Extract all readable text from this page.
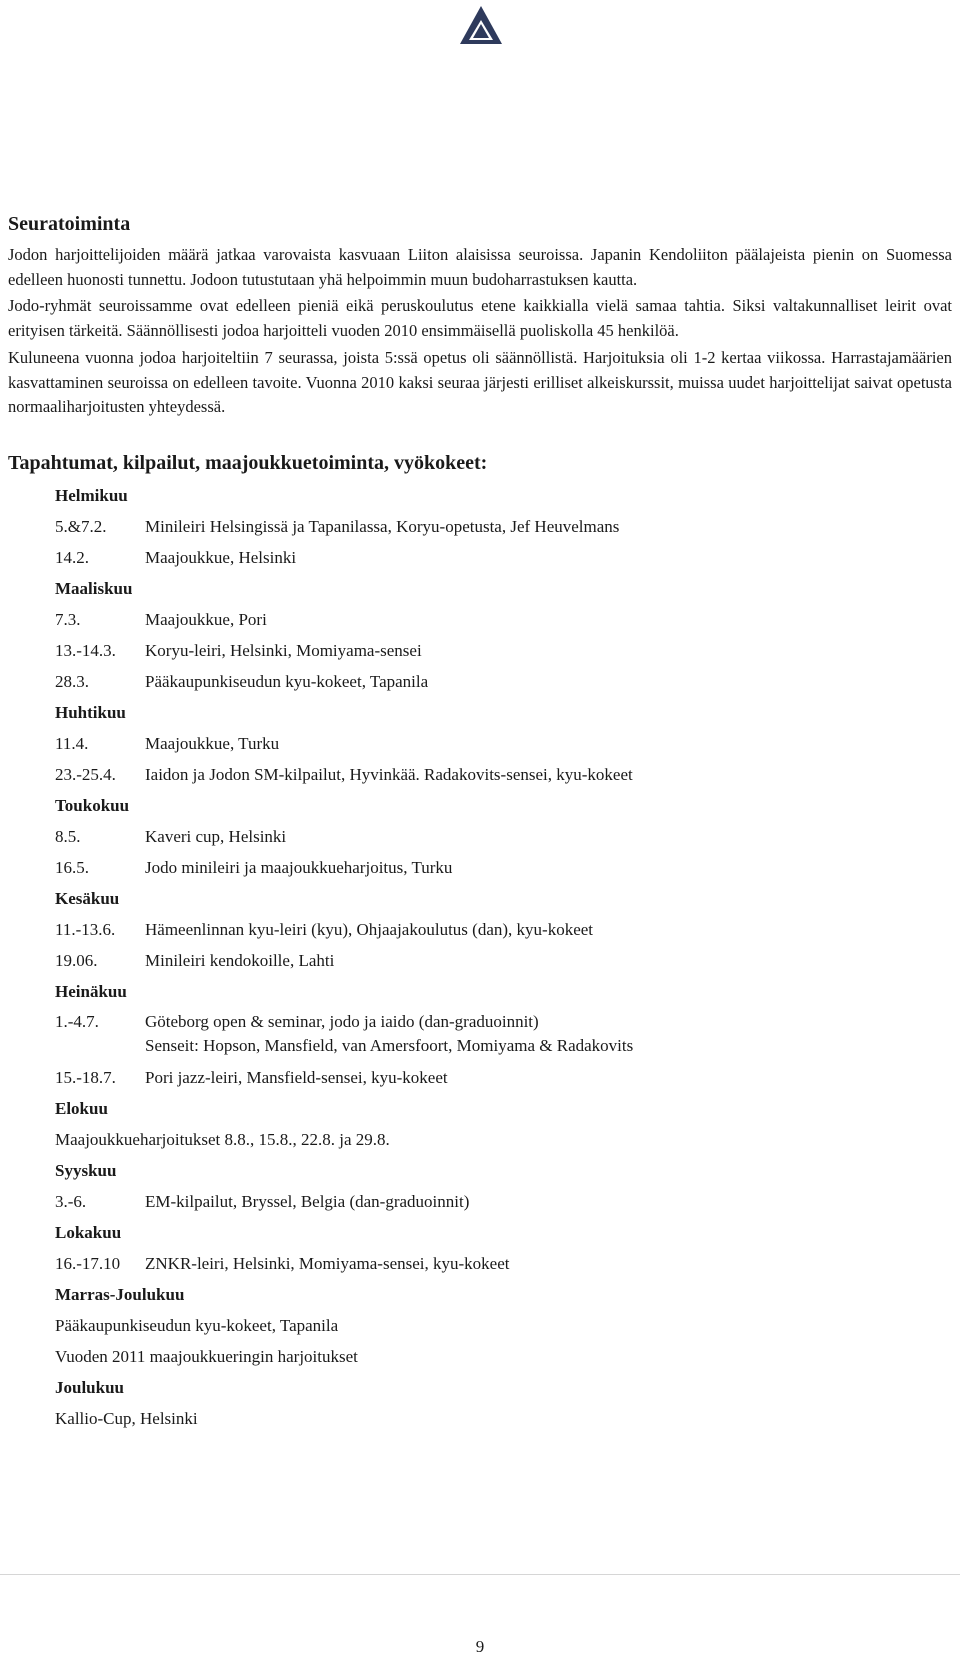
Seuratoiminta

Jodon harjoittelijoiden määrä jatkaa varovaista kasvuaan Liiton alaisissa seuroissa. Japanin Kendoliiton päälajeista pienin on Suomessa edelleen huonosti tunnettu. Jodoon tutustutaan yhä helpoimmin muun budoharrastuksen kautta.

Jodo-ryhmät seuroissamme ovat edelleen pieniä eikä peruskoulutus etene kaikkialla vielä samaa tahtia. Siksi valtakunnalliset leirit ovat erityisen tärkeitä. Säännöllisesti jodoa harjoitteli vuoden 2010 ensimmäisellä puoliskolla 45 henkilöä.

Kuluneena vuonna jodoa harjoiteltiin 7 seurassa, joista 5:ssä opetus oli säännöllistä. Harjoituksia oli 1-2 kertaa viikossa. Harrastajamäärien kasvattaminen seuroissa on edelleen tavoite. Vuonna 2010 kaksi seuraa järjesti erilliset alkeiskurssit, muissa uudet harjoittelijat saivat opetusta normaaliharjoitusten yhteydessä.

Tapahtumat, kilpailut, maajoukkuetoiminta, vyökokeet:
Helmikuu
5.&7.2.	Minileiri Helsingissä ja Tapanilassa, Koryu-opetusta, Jef Heuvelmans
14.2.	Maajoukkue, Helsinki
Maaliskuu
7.3.	Maajoukkue, Pori
13.-14.3.	Koryu-leiri, Helsinki, Momiyama-sensei
28.3.	Pääkaupunkiseudun kyu-kokeet, Tapanila
Huhtikuu
11.4.	Maajoukkue, Turku
23.-25.4.	Iaidon ja Jodon SM-kilpailut, Hyvinkää. Radakovits-sensei, kyu-kokeet
Toukokuu
8.5.	Kaveri cup, Helsinki
16.5.	Jodo minileiri ja maajoukkueharjoitus, Turku
Kesäkuu
11.-13.6.	Hämeenlinnan kyu-leiri (kyu), Ohjaajakoulutus (dan), kyu-kokeet
19.06.	Minileiri kendokoille, Lahti
Heinäkuu
1.-4.7.	Göteborg open & seminar, jodo ja iaido (dan-graduoinnit)
Senseit: Hopson, Mansfield, van Amersfoort, Momiyama & Radakovits
15.-18.7.	Pori jazz-leiri, Mansfield-sensei, kyu-kokeet
Elokuu
Maajoukkueharjoitukset 8.8., 15.8., 22.8. ja 29.8.
Syyskuu
3.-6.	EM-kilpailut, Bryssel, Belgia (dan-graduoinnit)
Lokakuu
16.-17.10	ZNKR-leiri, Helsinki, Momiyama-sensei, kyu-kokeet
Marras-Joulukuu
Pääkaupunkiseudun kyu-kokeet, Tapanila
Vuoden 2011 maajoukkueringin harjoitukset
Joulukuu
Kallio-Cup, Helsinki
9
